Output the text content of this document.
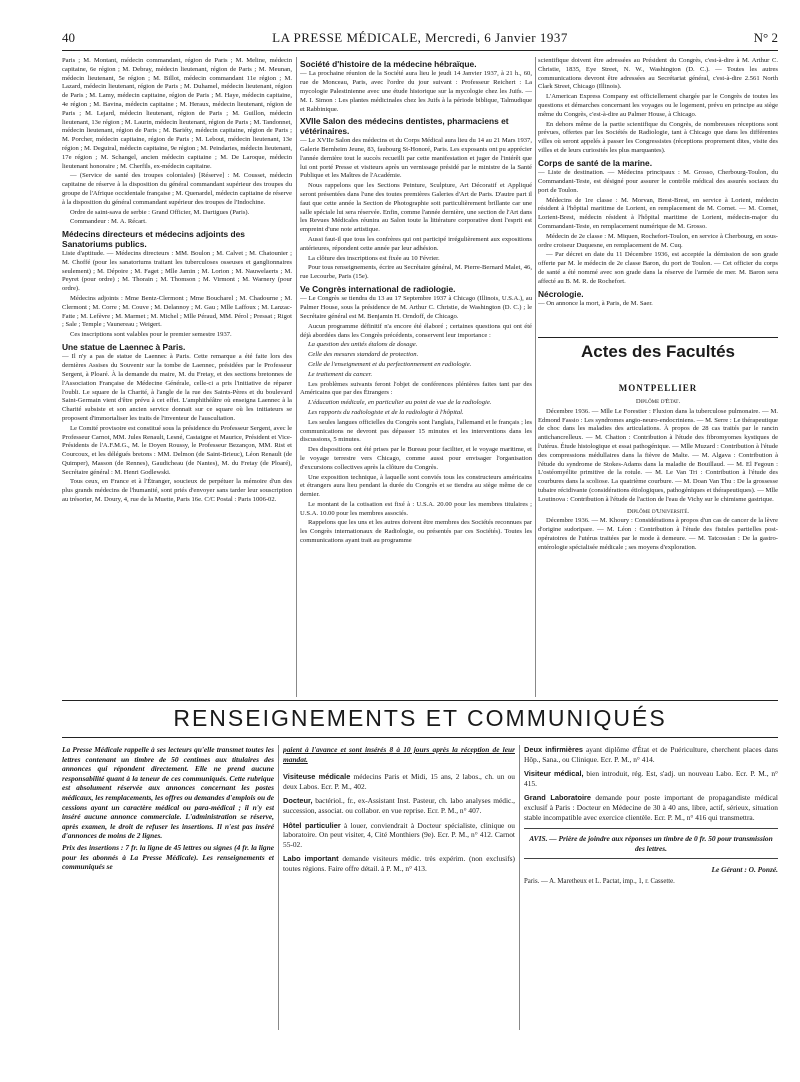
40	LA PRESSE MÉDICALE, Mercredi, 6 Janvier 1937	N° 2

Paris ; M. Montant, médecin commandant, région de Paris ; M. Meline, médecin capitaine, 6e région ; M. Debray, médecin lieutenant, région de Paris ; M. Meunan, médecin lieutenant, 5e région ; M. Billot, médecin commandant 11e région ; M. Lazard, médecin lieutenant, région de Paris ; M. Duhamel, médecin lieutenant, région de Paris ; M. Lamy, médecin capitaine, région de Paris ; M. Haye, médecin capitaine, 4e région ; M. Bavina, médecin capitaine ; M. Heraux, médecin lieutenant, région de Paris ; M. Lejard, médecin lieutenant, région de Paris ; M. Guillon, médecin lieutenant, 13e région ; M. Laurin, médecin lieutenant, région de Paris ; M. Tandonnet, médecin lieutenant, région de Paris ; M. Bariéty, médecin capitaine, région de Paris ; M. Porcher, médecin capitaine, région de Paris ; M. Lebout, médecin lieutenant, 13e région ; M. Deguiral, médecin capitaine, 9e région ; M. Peindaries, médecin lieutenant, 17e région ; M. Schangel, ancien médecin capitaine ; M. De Laroque, médecin lieutenant honoraire ; M. Cherfils, ex-médecin capitaine.

— (Service de santé des troupes coloniales) [Réserve] : M. Cousset, médecin capitaine de réserve à la disposition du général commandant supérieur des troupes du groupe de l'Afrique occidentale française ; M. Quenardel, médecin capitaine de réserve à la disposition du général commandant supérieur des troupes de l'Indochine.

Ordre de saint-sava de serbie : Grand Officier, M. Dartigues (Paris).

Commandeur : M. A. Récart.

Médecins directeurs et médecins adjoints des Sanatoriums publics.

Liste d'aptitude. — Médecins directeurs : MM. Boulon ; M. Calvet ; M. Chatounier ; M. Choffé (pour les sanatoriums traitant les tuberculoses osseuses et ganglionnaires seulement) ; M. Dépoire ; M. Faget ; Mlle Jamin ; M. Lorion ; M. Nauwelaerts ; M. Peyret (pour ordre) ; M. Thorain ; M. Thomson ; M. Virmont ; M. Warnery (pour ordre).

Médecins adjoints : Mme Bentz-Clermont ; Mme Boucharel ; M. Chadourne ; M. Clermont ; M. Corre ; M. Couve ; M. Delannoy ; M. Gau ; Mlle Laffoux ; M. Lanzac-Fatte ; M. Lefèvre ; M. Marmet ; M. Michel ; Mlle Péraud, MM. Pérol ; Pressat ; Rigot ; Sale ; Temple ; Vaunereau ; Weigert.

Ces inscriptions sont valables pour le premier semestre 1937.

Une statue de Laennec à Paris.

— Il n'y a pas de statue de Laennec à Paris. Cette remarque a été faite lors des dernières Assises du Souvenir sur la tombe de Laennec, présidées par le Professeur Sergent, à Ploaré. À la demande du maire, M. du Fretay, et des sections bretonnes de l'Association Française de Médecine Générale, celle-ci a pris l'initiative de réparer l'oubli. Le square de la Charité, à l'angle de la rue des Saints-Pères et du boulevard Saint-Germain vient d'être prévu à cet effet. L'amphithéâtre où enseigna Laennec à la Charité subsiste et son ancien service donnait sur ce square où les initiateurs se proposent d'immortaliser les traits de l'inventeur de l'auscultation.

Le Comité provisoire est constitué sous la présidence du Professeur Sergent, avec le Professeur Carnot, MM. Jules Renault, Lesné, Castaigne et Maurice, Président et Vice-Présidents de l'A.F.M.G., M. le Doyen Roussy, le Professeur Bezançon, MM. Rist et Courcoux, et les délégués bretons : MM. Delmon (de Saint-Brieuc), Léon Renault (de Quimper), Masson (de Rennes), Gaudicheau (de Nantes), M. du Fretay (de Ploaré), Secrétaire général : M. Henri Godlewski.

Tous ceux, en France et à l'Étranger, soucieux de perpétuer la mémoire d'un des plus grands médecins de l'humanité, sont priés d'envoyer sans tarder leur souscription au trésorier, M. Doury, 4, rue de la Muette, Paris 16e. C/C Postal : Paris 1006-02.

Société d'histoire de la médecine hébraïque.

— La prochaine réunion de la Société aura lieu le jeudi 14 Janvier 1937, à 21 h., 60, rue de Monceau, Paris, avec l'ordre du jour suivant : Professeur Reichert : La mycologie Palestinienne avec une étude historique sur la mycologie chez les Juifs. — M. I. Simon : Les plantes médicinales chez les Juifs à la période biblique, Talmudique et Rabbinique.

XVIIe Salon des médecins dentistes, pharmaciens et vétérinaires.

— Le XVIIe Salon des médecins et du Corps Médical aura lieu du 14 au 21 Mars 1937, Galerie Bernheim Jeune, 83, faubourg St-Honoré, Paris. Les exposants ont pu apprécier l'année dernière tout le succès recueilli par cette manifestation et juger de l'intérêt que lui ont porté Presse et visiteurs après un vernissage présidé par le ministre de la Santé Publique et les Maîtres de l'Académie.

Nous rappelons que les Sections Peinture, Sculpture, Art Décoratif et Appliqué seront présentées dans l'une des toutes premières Galeries d'Art de Paris. D'autre part il faut que cette année la Section de Photographie soit particulièrement brillante car une salle spéciale lui sera réservée. Enfin, comme l'année dernière, une section de l'Art dans les Revues Médicales réunira au Salon toute la littérature corporative dont l'esprit est empreint d'une note artistique.

Aussi faut-il que tous les confrères qui ont participé irrégulièrement aux expositions antérieures, répondent cette année par leur adhésion.

La clôture des inscriptions est fixée au 10 Février.

Pour tous renseignements, écrire au Secrétaire général, M. Pierre-Bernard Malet, 46, rue Lecourbe, Paris (15e).

Ve Congrès international de radiologie.

— Le Congrès se tiendra du 13 au 17 Septembre 1937 à Chicago (Illinois, U.S.A.), au Palmer House, sous la présidence de M. Arthur C. Christie, de Washington (D. C.) ; le Secrétaire général est M. Benjamin H. Orndoff, de Chicago.

Aucun programme définitif n'a encore été élaboré ; certaines questions qui ont été déjà abordées dans les Congrès précédents, conservent leur importance :

La question des unités étalons de dosage.

Celle des mesures standard de protection.

Celle de l'enseignement et du perfectionnement en radiologie.

Le traitement du cancer.

Les problèmes suivants feront l'objet de conférences plénières faites tant par des Américains que par des Étrangers :

L'éducation médicale, en particulier au point de vue de la radiologie.

Les rapports du radiologiste et de la radiologie à l'hôpital.

Les seules langues officielles du Congrès sont l'anglais, l'allemand et le français ; les communications ne devront pas dépasser 15 minutes et les interventions dans les discussions, 5 minutes.

Des dispositions ont été prises par le Bureau pour faciliter, et le voyage maritime, et le voyage terrestre vers Chicago, comme aussi pour envisager l'organisation d'excursions collectives après la clôture du Congrès.

Une exposition technique, à laquelle sont conviés tous les constructeurs américains et étrangers aura lieu pendant la durée du Congrès et se tiendra au siège même de ce dernier.

Le montant de la cotisation est fixé à : U.S.A. 20.00 pour les membres titulaires ; U.S.A. 10.00 pour les membres associés.

Rappelons que les uns et les autres doivent être membres des Sociétés reconnues par les Congrès internationaux de Radiologie, ou présentés par ces Sociétés). Toutes les communications ayant trait au programme

scientifique doivent être adressées au Président du Congrès, c'est-à-dire à M. Arthur C. Christie, 1835, Eye Street, N. W., Washington (D. C.). — Toutes les autres communications devront être adressées au Secrétariat général, c'est-à-dire 2.561 North Clark Street, Chicago (Illinois).

L'American Express Company est officiellement chargée par le Congrès de toutes les questions et démarches concernant les voyages ou le logement, prévu en principe au siège même du Congrès, c'est-à-dire au Palmer House, à Chicago.

En dehors même de la partie scientifique du Congrès, de nombreuses réceptions sont prévues, offertes par les Sociétés de Radiologie, tant à Chicago que dans les différentes villes où seront appelés à passer les Congressistes (réceptions proprement dites, visite des villes et de leurs curiosités les plus marquantes).

Corps de santé de la marine.

— Liste de destination. — Médecins principaux : M. Grosso, Cherbourg-Toulon, du Commandant-Teste, est désigné pour assurer le contrôle médical des assurés sociaux du port de Toulon.

Médecins de 1re classe : M. Morvan, Brest-Brest, en service à Lorient, médecin résident à l'hôpital maritime de Lorient, en remplacement de M. Cornet. — M. Cornet, Lorient-Brest, médecin résident à l'hôpital maritime de Lorient, médecin-major du Commandant-Teste, en remplacement numérique de M. Grosso.

Médecin de 2e classe : M. Miquen, Rochefort-Toulon, en service à Cherbourg, en sous-ordre croiseur Duquesne, en remplacement de M. Cuq.

— Par décret en date du 11 Décembre 1936, est acceptée la démission de son grade offerte par M. le médecin de 2e classe Baron, du port de Toulon. — Cet officier du corps de santé a été nommé avec son grade dans la réserve de l'armée de mer. M. Baron sera affecté au B. M. R. de Rochefort.

Nécrologie.

— On annonce la mort, à Paris, de M. Saer.

Actes des Facultés
MONTPELLIER

Diplôme d'État.

Décembre 1936. — Mlle Le Forestier : Fluxion dans la tuberculose pulmonaire. — M. Edmond Fassio : Les syndromes angio-neuro-endocriniens. — M. Serre : Le thérapeutique de choc dans les maladies des articulations. À propos de 28 cas traités par le rancin antichancrelleux. — M. Chatton : Contribution à l'étude des fibromyomes kystiques de l'utérus. Étude histologique et essai pathogénique. — Mlle Muzard : Contribution à l'étude des compressions médullaires dans la fièvre de Malte. — M. Algava : Contribution à l'étude du syndrome de Stokes-Adams dans la maladie de Bouillaud. — M. El Fegoun : L'ostéomyélite primitive de la rotule. — M. Le Van Tri : Contribution à l'étude des courbures dans la scoliose. La quatrième courbure. — M. Doan Van Thu : De la grossesse tubaire récidivante (considérations étiologiques, pathogéniques et thérapeutiques). — Mlle Loutinova : Contribution à l'étude de l'action de l'eau de Vichy sur le chimisme gastrique.

Diplôme d'Université.

Décembre 1936. — M. Khoury : Considérations à propos d'un cas de cancer de la lèvre d'origine sudoripare. — M. Léon : Contribution à l'étude des fistules partielles post-opératoires de l'utérus traitées par le mode à demeure. — M. Tatcossian : De la gastro-entérologie spécialisée médicale ; ses moyens d'exploration.

RENSEIGNEMENTS ET COMMUNIQUÉS

La Presse Médicale rappelle à ses lecteurs qu'elle transmet toutes les lettres contenant un timbre de 50 centimes aux titulaires des annonces qui répondent directement. Elle ne prend aucune responsabilité quant à la teneur de ces communiqués. Cette rubrique est absolument réservée aux annonces concernant les postes médicaux, les remplacements, les offres ou demandes d'emplois ou de cessions ayant un caractère médical ou para-médical ; il n'y est inséré aucune annonce commerciale. L'administration se réserve, après examen, le droit de refuser les insertions. Il n'est pas inséré d'annonces de moins de 2 lignes.

Prix des insertions : 7 fr. la ligne de 45 lettres ou signes (4 fr. la ligne pour les abonnés à La Presse Médicale). Les renseignements et communiqués se

paient à l'avance et sont insérés 8 à 10 jours après la réception de leur mandat.

Visiteuse médicale médecins Paris et Midi, 15 ans, 2 labos., ch. un ou deux Labos. Ecr. P. M., 402.

Docteur, bactériol., fr., ex-Assistant Inst. Pasteur, ch. labo analyses médic., succession, associat. ou collabor. en vue reprise. Ecr. P. M., n° 407.

Hôtel particulier à louer, conviendrait à Docteur spécialiste, clinique ou laboratoire. On peut visiter, 4, Cité Monthiers (9e). Ecr. P. M., n° 412. Carnot 55-02.

Labo important demande visiteurs médic. très expérim. (non exclusifs) toutes régions. Faire offre détail. à P. M., n° 413.

Deux infirmières ayant diplôme d'État et de Puériculture, cherchent places dans Hôp., Sana., ou Clinique. Ecr. P. M., n° 414.

Visiteur médical, bien introduit, rég. Est, s'adj. un nouveau Labo. Ecr. P. M., n° 415.

Grand Laboratoire demande pour poste important de propagandiste médical exclusif à Paris : Docteur en Médecine de 30 à 40 ans, libre, actif, sérieux, situation stable incompatible avec exercice clientèle. Ecr. P. M., n° 416 qui transmettra.

AVIS. — Prière de joindre aux réponses un timbre de 0 fr. 50 pour transmission des lettres.

Le Gérant : O. Ponzé.

Paris. — A. Maretheux et L. Pactat, imp., 1, r. Cassette.
